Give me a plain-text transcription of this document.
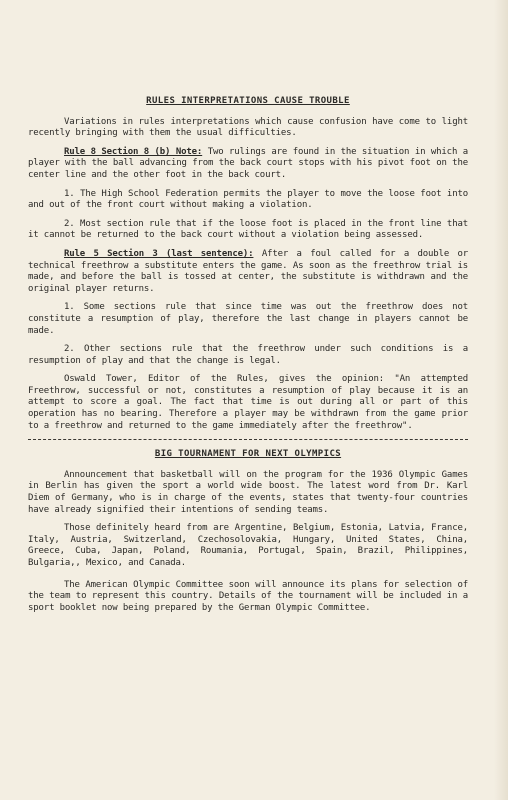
RULES INTERPRETATIONS CAUSE TROUBLE

Variations in rules interpretations which cause confusion have come to light recently bringing with them the usual difficulties.

Rule 8 Section 8 (b) Note: Two rulings are found in the situation in which a player with the ball advancing from the back court stops with his pivot foot on the center line and the other foot in the back court.

1. The High School Federation permits the player to move the loose foot into and out of the front court without making a violation.

2. Most section rule that if the loose foot is placed in the front line that it cannot be returned to the back court without a violation being assessed.

Rule 5 Section 3 (last sentence): After a foul called for a double or technical freethrow a substitute enters the game. As soon as the freethrow trial is made, and before the ball is tossed at center, the substitute is withdrawn and the original player returns.

1. Some sections rule that since time was out the freethrow does not constitute a resumption of play, therefore the last change in players cannot be made.

2. Other sections rule that the freethrow under such conditions is a resumption of play and that the change is legal.

Oswald Tower, Editor of the Rules, gives the opinion: "An attempted Freethrow, successful or not, constitutes a resumption of play because it is an attempt to score a goal. The fact that time is out during all or part of this operation has no bearing. Therefore a player may be withdrawn from the game prior to a freethrow and returned to the game immediately after the freethrow".

BIG TOURNAMENT FOR NEXT OLYMPICS

Announcement that basketball will on the program for the 1936 Olympic Games in Berlin has given the sport a world wide boost. The latest word from Dr. Karl Diem of Germany, who is in charge of the events, states that twenty-four countries have already signified their intentions of sending teams.

Those definitely heard from are Argentine, Belgium, Estonia, Latvia, France, Italy, Austria, Switzerland, Czechosolovakia, Hungary, United States, China, Greece, Cuba, Japan, Poland, Roumania, Portugal, Spain, Brazil, Philippines, Bulgaria,, Mexico, and Canada.

The American Olympic Committee soon will announce its plans for selection of the team to represent this country. Details of the tournament will be included in a sport booklet now being prepared by the German Olympic Committee.
